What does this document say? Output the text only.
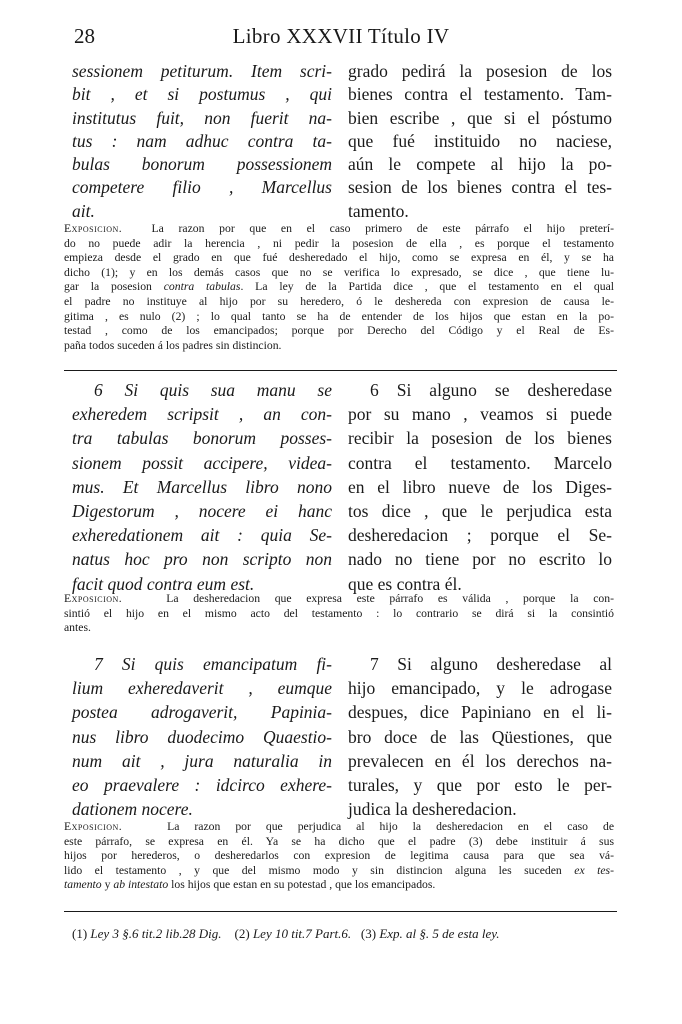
28	Libro XXXVII Título IV
sessionem petiturum. Item scri-
bit , et si postumus , qui
institutus fuit, non fuerit na-
tus : nam adhuc contra ta-
bulas bonorum possessionem
competere filio , Marcellus
ait.
grado pedirá la posesion de los
bienes contra el testamento. Tam-
bien escribe , que si el póstumo
que fué instituido no naciese,
aún le compete al hijo la po-
sesion de los bienes contra el tes-
tamento.
Exposicion.	La razon por que en el caso primero de este párrafo el hijo preterí-
do no puede adir la herencia , ni pedir la posesion de ella , es porque el testamento
empieza desde el grado en que fué desheredado el hijo, como se expresa en él, y se ha
dicho (1); y en los demás casos que no se verifica lo expresado, se dice , que tiene lu-
gar la posesion contra tabulas. La ley de la Partida dice , que el testamento en el qual
el padre no instituye al hijo por su heredero, ó le deshereda con expresion de causa le-
gitima , es nulo (2) ; lo qual tanto se ha de entender de los hijos que estan en la po-
testad , como de los emancipados; porque por Derecho del Código y el Real de Es-
paña todos suceden á los padres sin distincion.
6 Si quis sua manu se
exheredem scripsit , an con-
tra tabulas bonorum posses-
sionem possit accipere, videa-
mus. Et Marcellus libro nono
Digestorum , nocere ei hanc
exheredationem ait : quia Se-
natus hoc pro non scripto non
facit quod contra eum est.
6 Si alguno se desheredase
por su mano , veamos si puede
recibir la posesion de los bienes
contra el testamento. Marcelo
en el libro nueve de los Diges-
tos dice , que le perjudica esta
desheredacion ; porque el Se-
nado no tiene por no escrito lo
que es contra él.
Exposicion.	La desheredacion que expresa este párrafo es válida , porque la con-
sintió el hijo en el mismo acto del testamento : lo contrario se dirá si la consintió
antes.
7 Si quis emancipatum fi-
lium exheredaverit , eumque
postea adrogaverit, Papinia-
nus libro duodecimo Quaestio-
num ait , jura naturalia in
eo praevalere : idcirco exhere-
dationem nocere.
7 Si alguno desheredase al
hijo emancipado, y le adrogase
despues, dice Papiniano en el li-
bro doce de las Qüestiones, que
prevalecen en él los derechos na-
turales, y que por esto le per-
judica la desheredacion.
Exposicion.	La razon por que perjudica al hijo la desheredacion en el caso de
este párrafo, se expresa en él. Ya se ha dicho que el padre (3) debe instituir á sus
hijos por herederos, o desheredarlos con expresion de legitima causa para que sea vá-
lido el testamento , y que del mismo modo y sin distincion alguna les suceden ex tes-
tamento y ab intestato los hijos que estan en su potestad , que los emancipados.
(1) Ley 3 §.6 tit.2 lib.28 Dig. (2) Ley 10 tit.7 Part.6. (3) Exp. al §. 5 de esta ley.
